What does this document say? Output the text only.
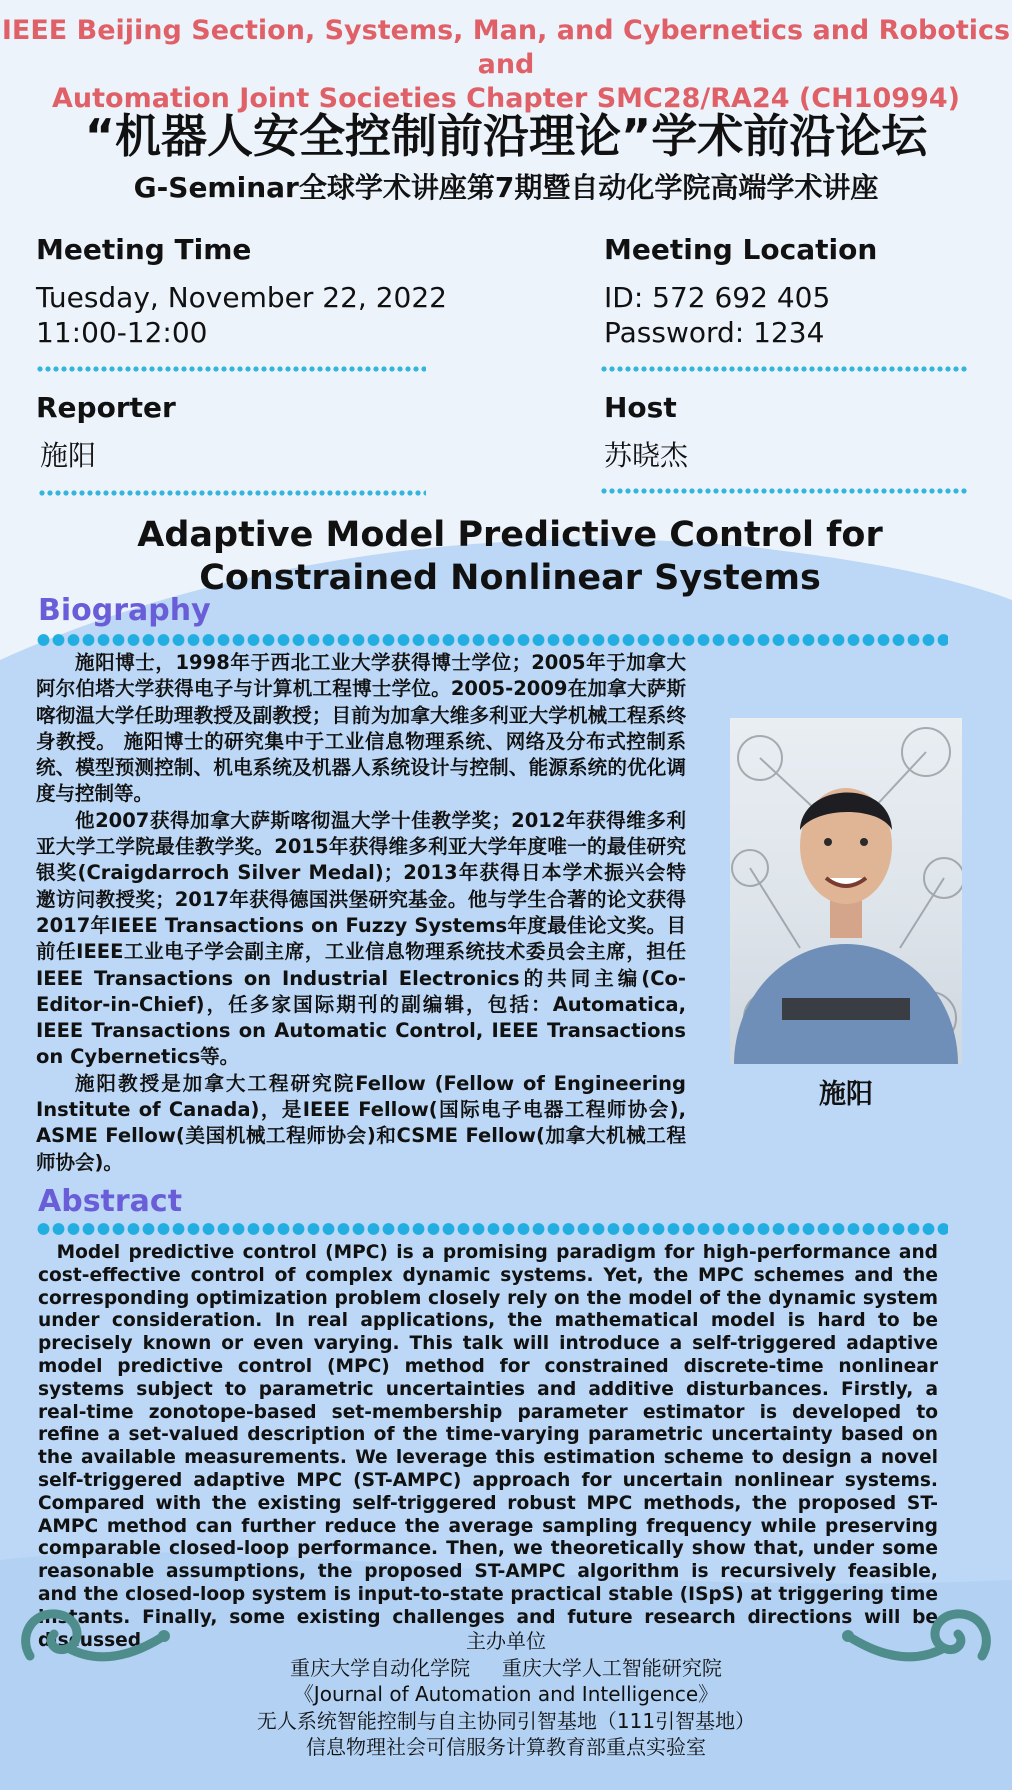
IEEE Beijing Section, Systems, Man, and Cybernetics and Robotics and
Automation Joint Societies Chapter SMC28/RA24 (CH10994)
“机器人安全控制前沿理论”学术前沿论坛
G-Seminar全球学术讲座第7期暨自动化学院高端学术讲座
Meeting Time
Tuesday, November 22, 2022
11:00-12:00
Meeting Location
ID: 572 692 405
Password: 1234
Reporter
施阳
Host
苏晓杰
Adaptive Model Predictive Control for Constrained Nonlinear Systems
Biography

施阳博士，1998年于西北工业大学获得博士学位；2005年于加拿大阿尔伯塔大学获得电子与计算机工程博士学位。2005-2009在加拿大萨斯喀彻温大学任助理教授及副教授；目前为加拿大维多利亚大学机械工程系终身教授。 施阳博士的研究集中于工业信息物理系统、网络及分布式控制系统、模型预测控制、机电系统及机器人系统设计与控制、能源系统的优化调度与控制等。

他2007获得加拿大萨斯喀彻温大学十佳教学奖；2012年获得维多利亚大学工学院最佳教学奖。2015年获得维多利亚大学年度唯一的最佳研究银奖(Craigdarroch Silver Medal)；2013年获得日本学术振兴会特邀访问教授奖；2017年获得德国洪堡研究基金。他与学生合著的论文获得2017年IEEE Transactions on Fuzzy Systems年度最佳论文奖。目前任IEEE工业电子学会副主席，工业信息物理系统技术委员会主席，担任IEEE Transactions on Industrial Electronics的共同主编(Co-Editor-in-Chief)，任多家国际期刊的副编辑，包括：Automatica, IEEE Transactions on Automatic Control, IEEE Transactions on Cybernetics等。

施阳教授是加拿大工程研究院Fellow (Fellow of Engineering Institute of Canada)，是IEEE Fellow(国际电子电器工程师协会), ASME Fellow(美国机械工程师协会)和CSME Fellow(加拿大机械工程师协会)。

施阳
Abstract

Model predictive control (MPC) is a promising paradigm for high-performance and cost-effective control of complex dynamic systems. Yet, the MPC schemes and the corresponding optimization problem closely rely on the model of the dynamic system under consideration. In real applications, the mathematical model is hard to be precisely known or even varying. This talk will introduce a self-triggered adaptive model predictive control (MPC) method for constrained discrete-time nonlinear systems subject to parametric uncertainties and additive disturbances. Firstly, a real-time zonotope-based set-membership parameter estimator is developed to refine a set-valued description of the time-varying parametric uncertainty based on the available measurements. We leverage this estimation scheme to design a novel self-triggered adaptive MPC (ST-AMPC) approach for uncertain nonlinear systems. Compared with the existing self-triggered robust MPC methods, the proposed ST-AMPC method can further reduce the average sampling frequency while preserving comparable closed-loop performance. Then, we theoretically show that, under some reasonable assumptions, the proposed ST-AMPC algorithm is recursively feasible, and the closed-loop system is input-to-state practical stable (ISpS) at triggering time instants. Finally, some existing challenges and future research directions will be discussed.	主办单位
重庆大学自动化学院     重庆大学人工智能研究院
《Journal of Automation and Intelligence》
无人系统智能控制与自主协同引智基地（111引智基地）
信息物理社会可信服务计算教育部重点实验室
